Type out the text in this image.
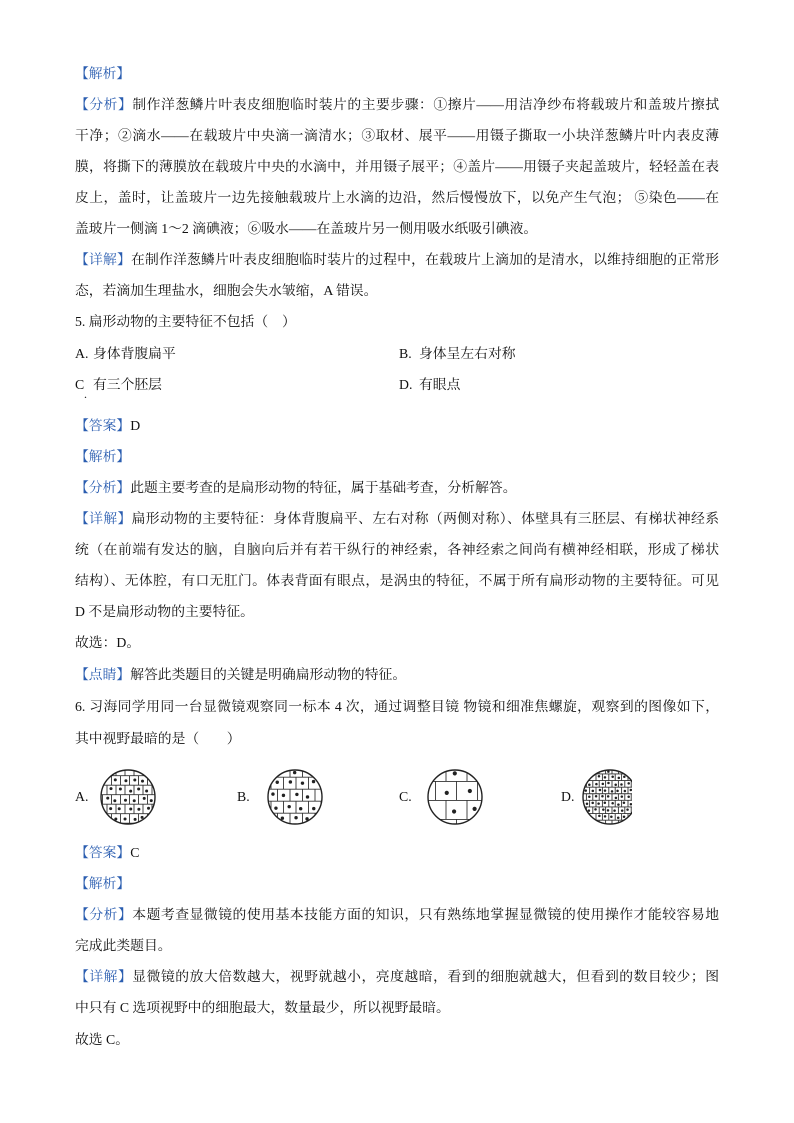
【解析】
【分析】制作洋葱鳞片叶表皮细胞临时装片的主要步骤：①擦片——用洁净纱布将载玻片和盖玻片擦拭
干净；②滴水——在载玻片中央滴一滴清水；③取材、展平——用镊子撕取一小块洋葱鳞片叶内表皮薄
膜，将撕下的薄膜放在载玻片中央的水滴中，并用镊子展平；④盖片——用镊子夹起盖玻片，轻轻盖在表
皮上，盖时，让盖玻片一边先接触载玻片上水滴的边沿，然后慢慢放下，以免产生气泡； ⑤染色——在
盖玻片一侧滴 1～2 滴碘液；⑥吸水——在盖玻片另一侧用吸水纸吸引碘液。
【详解】在制作洋葱鳞片叶表皮细胞临时装片的过程中，在载玻片上滴加的是清水，以维持细胞的正常形
态，若滴加生理盐水，细胞会失水皱缩，A 错误。
5. 扁形动物的主要特征不包括（　）
A. 身体背腹扁平	B. 身体呈左右对称
C
.
有三个胚层	D. 有眼点
【答案】D
【解析】
【分析】此题主要考查的是扁形动物的特征，属于基础考查，分析解答。
【详解】扁形动物的主要特征：身体背腹扁平、左右对称（两侧对称）、体壁具有三胚层、有梯状神经系
统（在前端有发达的脑，自脑向后并有若干纵行的神经索，各神经索之间尚有横神经相联，形成了梯状
结构）、无体腔，有口无肛门。体表背面有眼点，是涡虫的特征，不属于所有扁形动物的主要特征。可见
D 不是扁形动物的主要特征。
故选：D。
【点睛】解答此类题目的关键是明确扁形动物的特征。
6. 习海同学用同一台显微镜观察同一标本 4 次，通过调整目镜 物镜和细准焦螺旋，观察到的图像如下，
其中视野最暗的是（　　）
A.	B.	C.	D.
【答案】C
【解析】
【分析】本题考查显微镜的使用基本技能方面的知识，只有熟练地掌握显微镜的使用操作才能较容易地
完成此类题目。
【详解】显微镜的放大倍数越大，视野就越小，亮度越暗，看到的细胞就越大，但看到的数目较少；图
中只有 C 选项视野中的细胞最大，数量最少，所以视野最暗。
故选 C。
